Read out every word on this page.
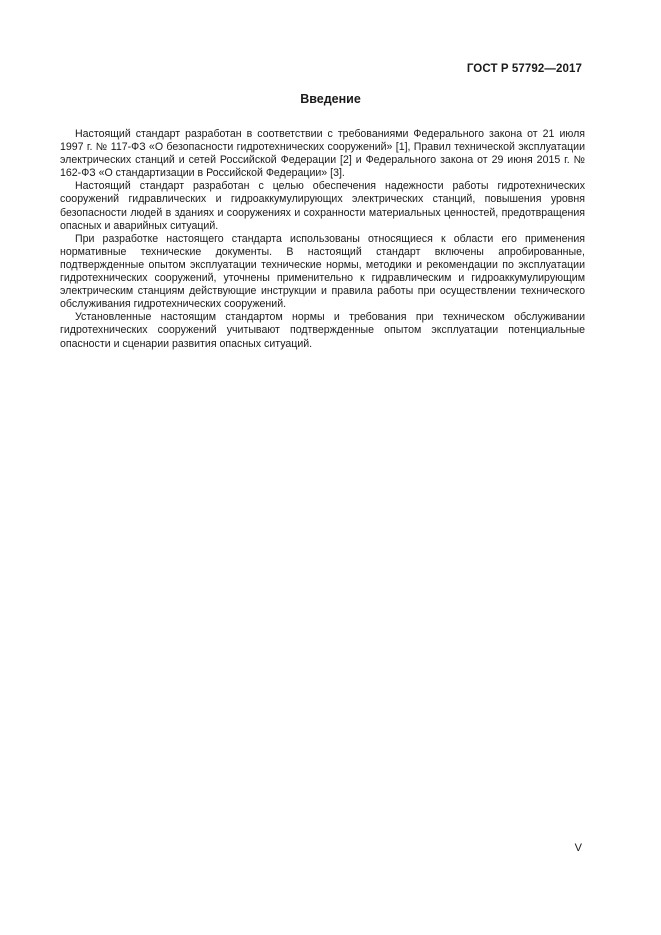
ГОСТ Р 57792—2017
Введение

Настоящий стандарт разработан в соответствии с требованиями Федерального закона от 21 июля 1997 г. № 117-ФЗ «О безопасности гидротехнических сооружений» [1], Правил технической эксплуатации электрических станций и сетей Российской Федерации [2] и Федерального закона от 29 июня 2015 г. № 162-ФЗ «О стандартизации в Российской Федерации» [3].

Настоящий стандарт разработан с целью обеспечения надежности работы гидротехнических сооружений гидравлических и гидроаккумулирующих электрических станций, повышения уровня безопасности людей в зданиях и сооружениях и сохранности материальных ценностей, предотвращения опасных и аварийных ситуаций.

При разработке настоящего стандарта использованы относящиеся к области его применения нормативные технические документы. В настоящий стандарт включены апробированные, подтвержденные опытом эксплуатации технические нормы, методики и рекомендации по эксплуатации гидротехнических сооружений, уточнены применительно к гидравлическим и гидроаккумулирующим электрическим станциям действующие инструкции и правила работы при осуществлении технического обслуживания гидротехнических сооружений.

Установленные настоящим стандартом нормы и требования при техническом обслуживании гидротехнических сооружений учитывают подтвержденные опытом эксплуатации потенциальные опасности и сценарии развития опасных ситуаций.

V
